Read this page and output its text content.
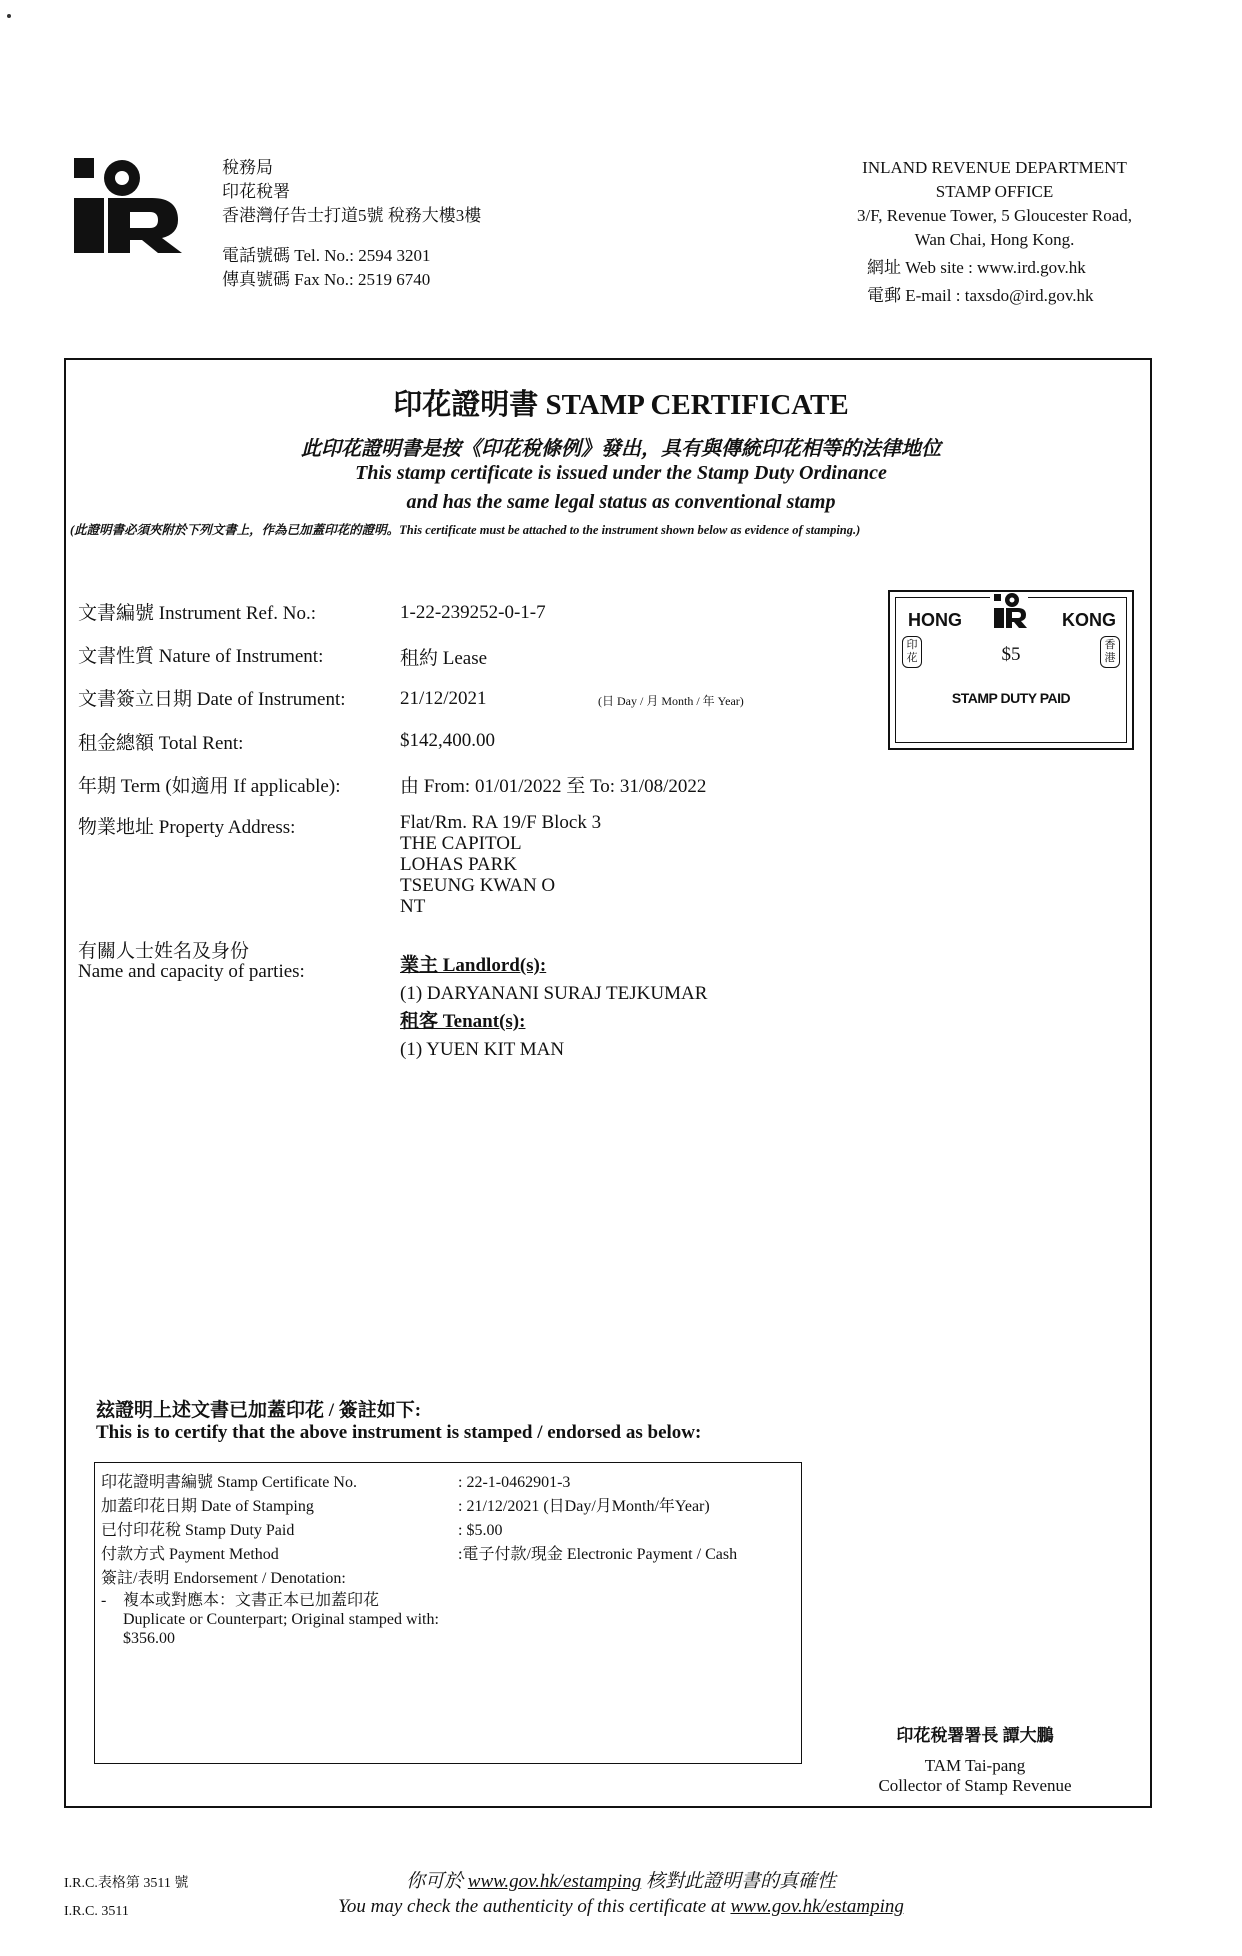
稅務局
印花稅署
香港灣仔告士打道5號 稅務大樓3樓
電話號碼 Tel. No.: 2594 3201
傳真號碼 Fax No.: 2519 6740
INLAND REVENUE DEPARTMENT
STAMP OFFICE
3/F, Revenue Tower, 5 Gloucester Road,
Wan Chai, Hong Kong.
網址 Web site : www.ird.gov.hk
電郵 E-mail : taxsdo@ird.gov.hk
印花證明書 STAMP CERTIFICATE
此印花證明書是按《印花稅條例》發出，具有與傳統印花相等的法律地位
This stamp certificate is issued under the Stamp Duty Ordinance
and has the same legal status as conventional stamp
(此證明書必須夾附於下列文書上，作為已加蓋印花的證明。This certificate must be attached to the instrument shown below as evidence of stamping.)
文書編號 Instrument Ref. No.:	1-22-239252-0-1-7
文書性質 Nature of Instrument:	租約 Lease
文書簽立日期 Date of Instrument:	21/12/2021	(日 Day / 月 Month / 年 Year)
租金總額 Total Rent:	$142,400.00
年期 Term (如適用 If applicable):	由 From: 01/01/2022 至 To: 31/08/2022
物業地址 Property Address:	Flat/Rm. RA 19/F Block 3
THE CAPITOL
LOHAS PARK
TSEUNG KWAN O
NT
有關人士姓名及身份
Name and capacity of parties:	業主 Landlord(s):
(1) DARYANANI SURAJ TEJKUMAR
租客 Tenant(s):
(1) YUEN KIT MAN
HONG	KONG
$5
STAMP DUTY PAID
印花
香港
玆證明上述文書已加蓋印花 / 簽註如下:
This is to certify that the above instrument is stamped / endorsed as below:
印花證明書編號 Stamp Certificate No.	: 22-1-0462901-3
加蓋印花日期 Date of Stamping	: 21/12/2021 (日Day/月Month/年Year)
已付印花稅 Stamp Duty Paid	: $5.00
付款方式 Payment Method	:電子付款/現金 Electronic Payment / Cash
簽註/表明 Endorsement / Denotation:
- 複本或對應本：文書正本已加蓋印花
Duplicate or Counterpart; Original stamped with:
$356.00
印花稅署署長 譚大鵬
TAM Tai-pang
Collector of Stamp Revenue
I.R.C.表格第 3511 號
I.R.C. 3511
你可於 www.gov.hk/estamping 核對此證明書的真確性
You may check the authenticity of this certificate at www.gov.hk/estamping
